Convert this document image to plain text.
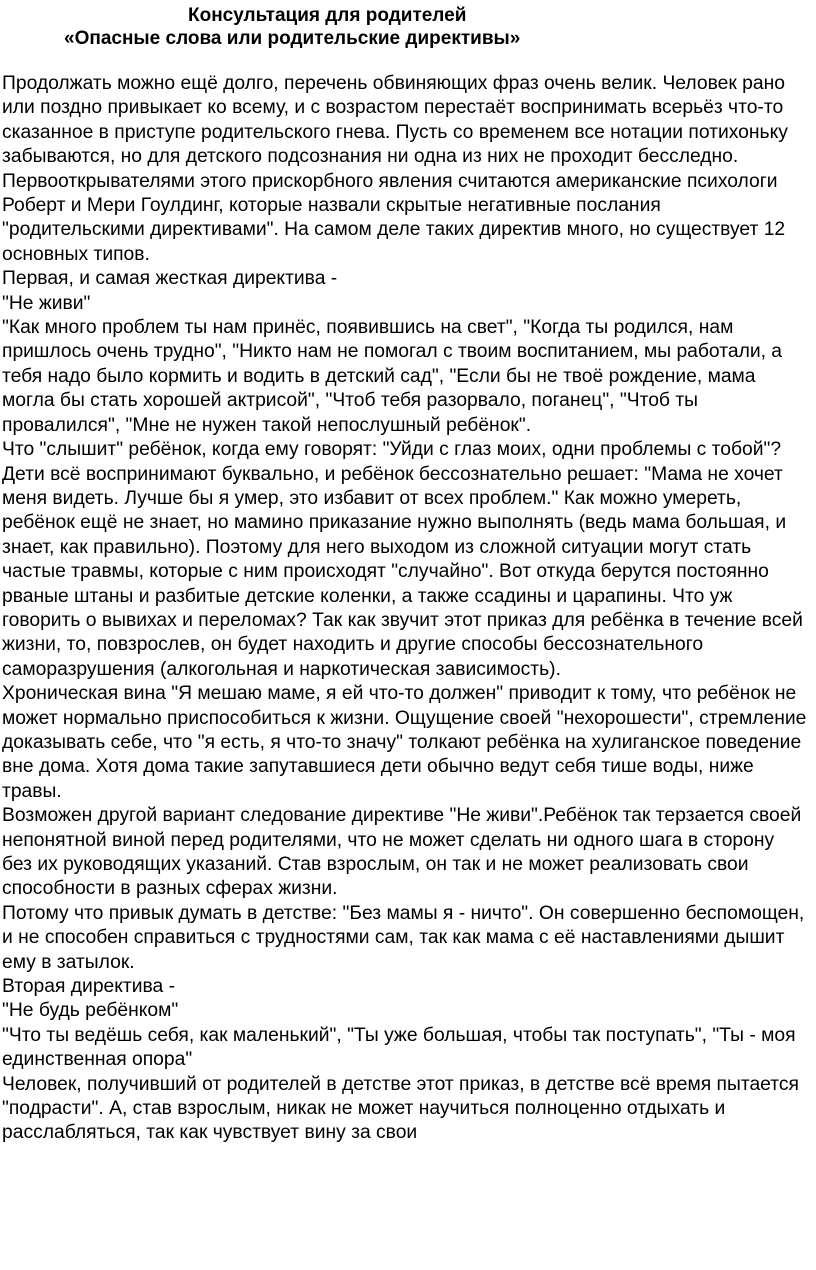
Консультация для родителей
«Опасные слова или родительские директивы»

Продолжать можно ещё долго, перечень обвиняющих фраз очень велик. Человек рано или поздно привыкает ко всему, и с возрастом перестаёт воспринимать всерьёз что-то сказанное в приступе родительского гнева. Пусть со временем все нотации потихоньку забываются, но для детского подсознания ни одна из них не проходит бесследно.

Первооткрывателями этого прискорбного явления считаются американские психологи Роберт и Мери Гоулдинг, которые назвали скрытые негативные послания "родительскими директивами". На самом деле таких директив много, но существует 12 основных типов.

Первая, и самая жесткая директива -

"Не живи"

"Как много проблем ты нам принёс, появившись на свет", "Когда ты родился, нам пришлось очень трудно", "Никто нам не помогал с твоим воспитанием, мы работали, а тебя надо было кормить и водить в детский сад", "Если бы не твоё рождение, мама могла бы стать хорошей актрисой", "Чтоб тебя разорвало, поганец", "Чтоб ты провалился", "Мне не нужен такой непослушный ребёнок".

Что "слышит" ребёнок, когда ему говорят: "Уйди с глаз моих, одни проблемы с тобой"? Дети всё воспринимают буквально, и ребёнок бессознательно решает: "Мама не хочет меня видеть. Лучше бы я умер, это избавит от всех проблем." Как можно умереть, ребёнок ещё не знает, но мамино приказание нужно выполнять (ведь мама большая, и знает, как правильно). Поэтому для него выходом из сложной ситуации могут стать частые травмы, которые с ним происходят "случайно". Вот откуда берутся постоянно рваные штаны и разбитые детские коленки, а также ссадины и царапины. Что уж говорить о вывихах и переломах? Так как звучит этот приказ для ребёнка в течение всей жизни, то, повзрослев, он будет находить и другие способы бессознательного саморазрушения (алкогольная и наркотическая зависимость).

Хроническая вина "Я мешаю маме, я ей что-то должен" приводит к тому, что ребёнок не может нормально приспособиться к жизни. Ощущение своей "нехорошести", стремление доказывать себе, что "я есть, я что-то значу" толкают ребёнка на хулиганское поведение вне дома. Хотя дома такие запутавшиеся дети обычно ведут себя тише воды, ниже травы.

Возможен другой вариант следование директиве "Не живи".Ребёнок так терзается своей непонятной виной перед родителями, что не может сделать ни одного шага в сторону без их руководящих указаний. Став взрослым, он так и не может реализовать свои способности в разных сферах жизни.

Потому что привык думать в детстве: "Без мамы я - ничто". Он совершенно беспомощен, и не способен справиться с трудностями сам, так как мама с её наставлениями дышит ему в затылок.

Вторая директива -

"Не будь ребёнком"

"Что ты ведёшь себя, как маленький", "Ты уже большая, чтобы так поступать", "Ты - моя единственная опора"

Человек, получивший от родителей в детстве этот приказ, в детстве всё время пытается "подрасти". А, став взрослым, никак не может научиться полноценно отдыхать и расслабляться, так как чувствует вину за свои
